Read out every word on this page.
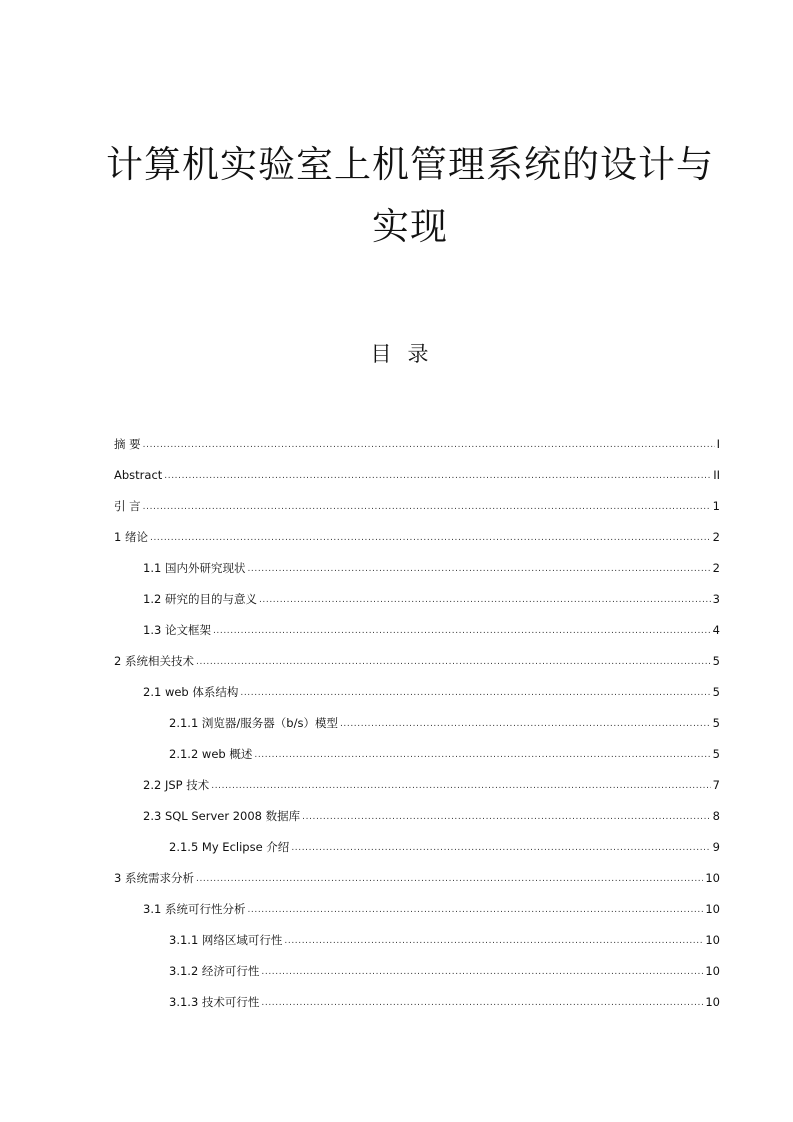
计算机实验室上机管理系统的设计与实现
目录
摘 要 .....	I
Abstract .....	II
引 言 .....	1
1 绪论 .....	2
1.1 国内外研究现状 .....	2
1.2 研究的目的与意义 .....	3
1.3 论文框架 .....	4
2 系统相关技术 .....	5
2.1 web 体系结构 .....	5
2.1.1 浏览器/服务器（b/s）模型 .....	5
2.1.2 web 概述 .....	5
2.2 JSP 技术 .....	7
2.3 SQL Server 2008 数据库 .....	8
2.1.5 My Eclipse 介绍 .....	9
3 系统需求分析 .....	10
3.1 系统可行性分析 .....	10
3.1.1 网络区域可行性 .....	10
3.1.2 经济可行性 .....	10
3.1.3 技术可行性 .....	10
